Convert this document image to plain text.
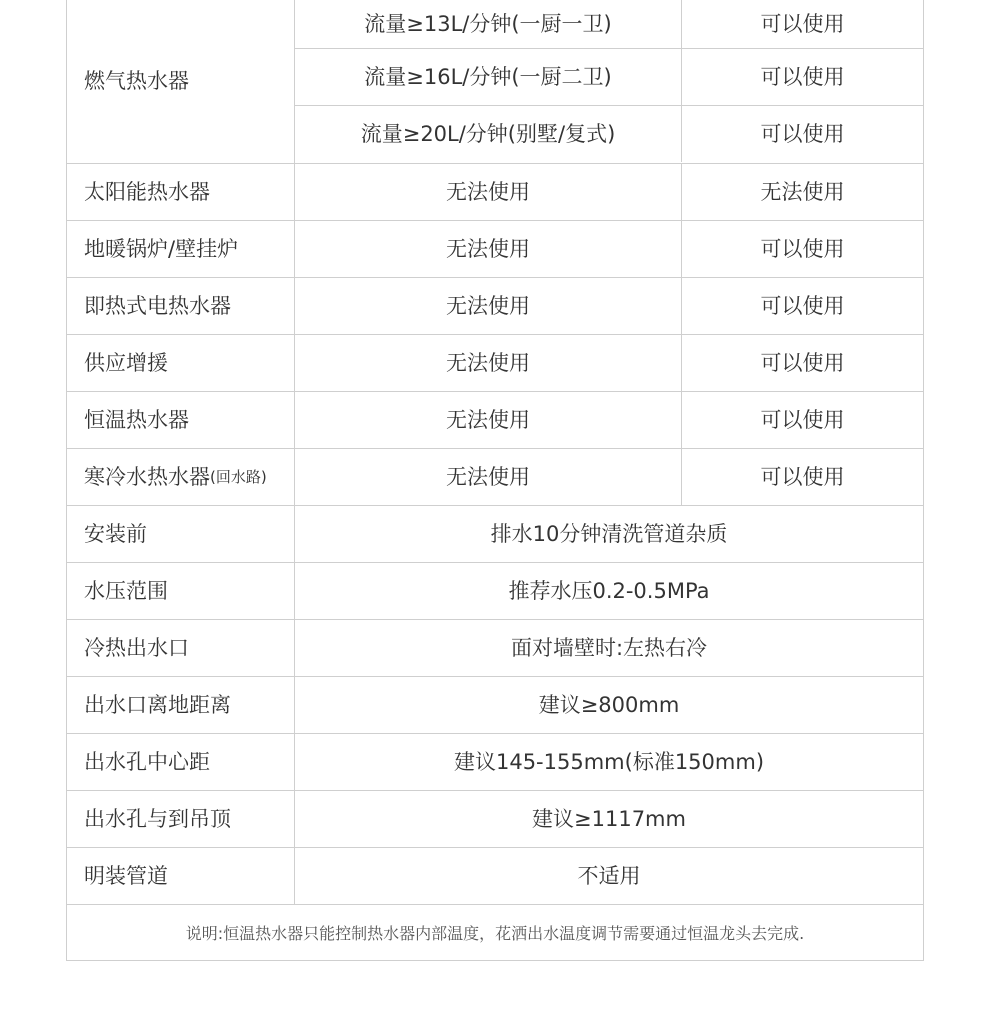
燃气热水器
流量≥13L/分钟(一厨一卫)	可以使用
流量≥16L/分钟(一厨二卫)	可以使用
流量≥20L/分钟(别墅/复式)	可以使用
太阳能热水器	无法使用	无法使用
地暖锅炉/壁挂炉	无法使用	可以使用
即热式电热水器	无法使用	可以使用
供应增援	无法使用	可以使用
恒温热水器	无法使用	可以使用
寒冷水热水器 (回水路)	无法使用	可以使用
安装前	排水10分钟清洗管道杂质
水压范围	推荐水压0.2-0.5MPa
冷热出水口	面对墙壁时:左热右冷
出水口离地距离	建议≥800mm
出水孔中心距	建议145-155mm(标准150mm)
出水孔与到吊顶	建议≥1117mm
明装管道	不适用
说明:恒温热水器只能控制热水器内部温度，花洒出水温度调节需要通过恒温龙头去完成.
